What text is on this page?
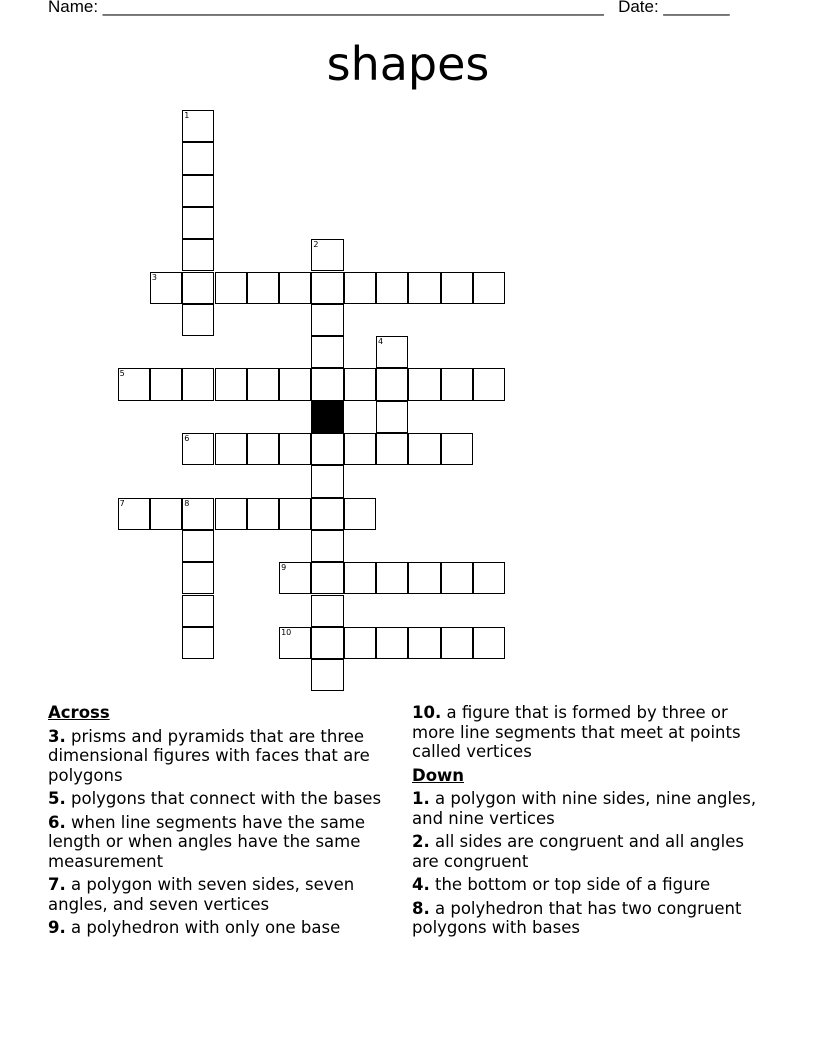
Name: _____________________________________________________ Date: _______
shapes
1
2
3
4
5
6
7	8
9
10
Across
3. prisms and pyramids that are three dimensional figures with faces that are polygons
5. polygons that connect with the bases
6. when line segments have the same length or when angles have the same measurement
7. a polygon with seven sides, seven angles, and seven vertices
9. a polyhedron with only one base
10. a figure that is formed by three or more line segments that meet at points called vertices
Down
1. a polygon with nine sides, nine angles, and nine vertices
2. all sides are congruent and all angles are congruent
4. the bottom or top side of a figure
8. a polyhedron that has two congruent polygons with bases
